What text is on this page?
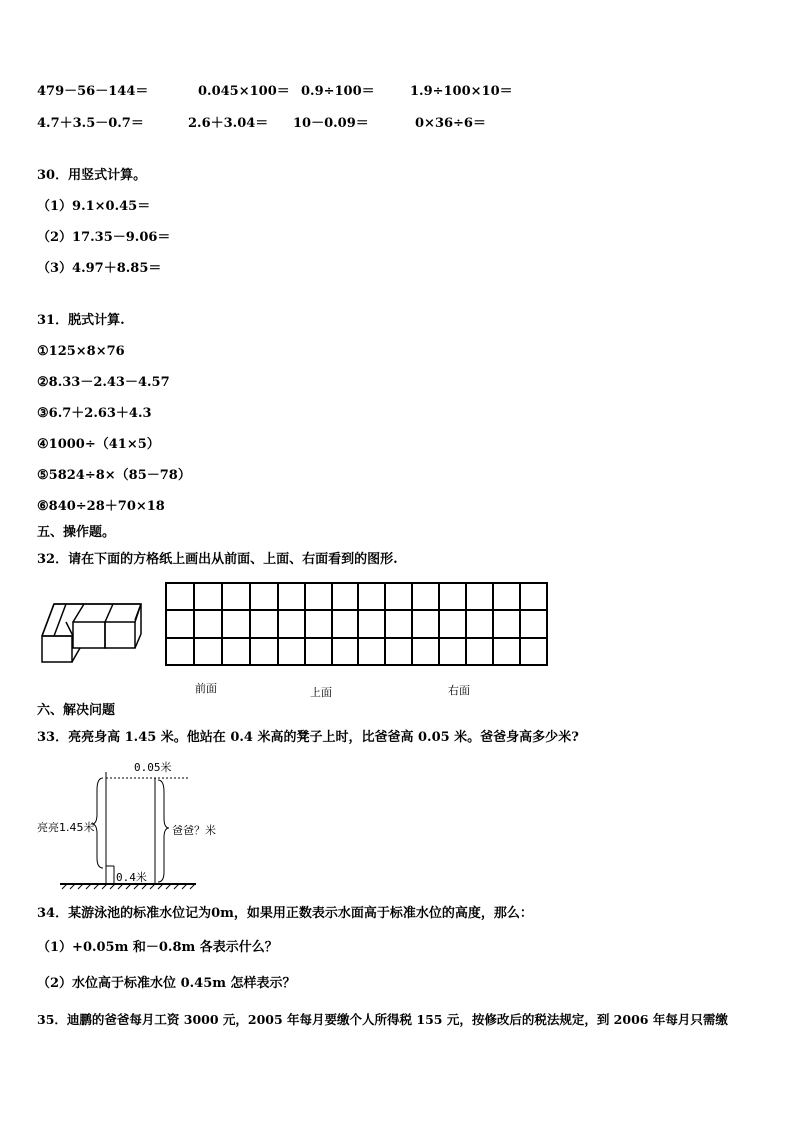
479－56－144＝	0.045×100＝ 0.9÷100＝	1.9÷100×10＝
4.7＋3.5－0.7＝	2.6＋3.04＝ 10－0.09＝	0×36÷6＝
30．用竖式计算。
（1）9.1×0.45＝
（2）17.35－9.06＝
（3）4.97＋8.85＝
31．脱式计算.
①125×8×76
②8.33－2.43－4.57
③6.7＋2.63＋4.3
④1000÷（41×5）
⑤5824÷8×（85－78）
⑥840÷28＋70×18
五、操作题。
32．请在下面的方格纸上画出从前面、上面、右面看到的图形.
前面	上面	右面
六、解决问题
33．亮亮身高 1.45 米。他站在 0.4 米高的凳子上时，比爸爸高 0.05 米。爸爸身高多少米?
0.05米
亮亮1.45米	爸爸？米
0.4米
34．某游泳池的标准水位记为0m，如果用正数表示水面高于标准水位的高度，那么：
（1）+0.05m 和－0.8m 各表示什么？
（2）水位高于标准水位 0.45m 怎样表示？
35．迪鹏的爸爸每月工资 3000 元，2005 年每月要缴个人所得税 155 元，按修改后的税法规定，到 2006 年每月只需缴
